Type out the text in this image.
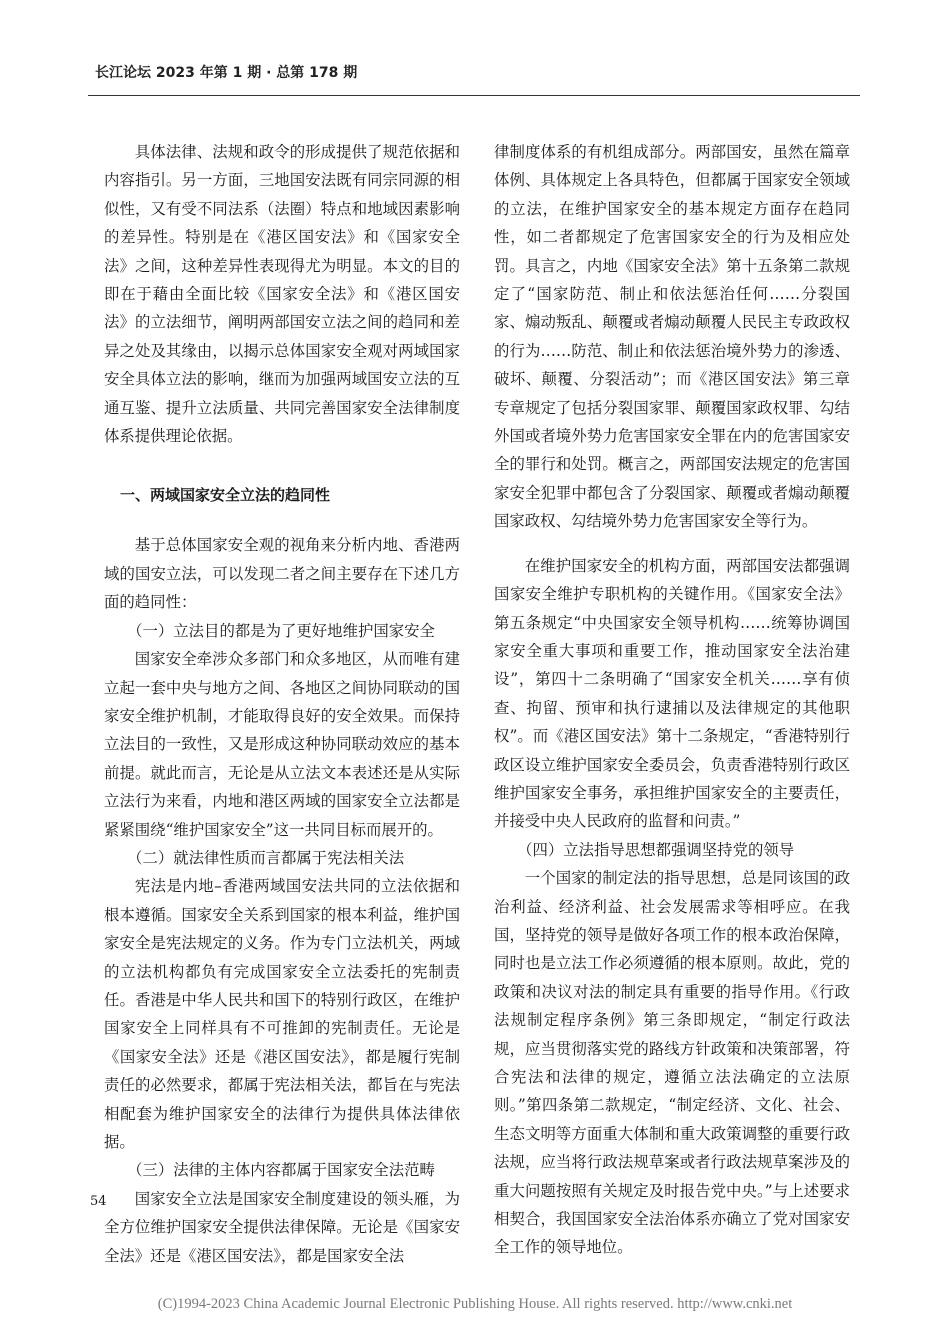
长江论坛 2023 年第 1 期 · 总第 178 期

具体法律、法规和政令的形成提供了规范依据和内容指引。另一方面，三地国安法既有同宗同源的相似性，又有受不同法系（法圈）特点和地域因素影响的差异性。特别是在《港区国安法》和《国家安全法》之间，这种差异性表现得尤为明显。本文的目的即在于藉由全面比较《国家安全法》和《港区国安法》的立法细节，阐明两部国安立法之间的趋同和差异之处及其缘由，以揭示总体国家安全观对两域国家安全具体立法的影响，继而为加强两域国安立法的互通互鉴、提升立法质量、共同完善国家安全法律制度体系提供理论依据。

一、两域国家安全立法的趋同性

基于总体国家安全观的视角来分析内地、香港两域的国安立法，可以发现二者之间主要存在下述几方面的趋同性：

（一）立法目的都是为了更好地维护国家安全

国家安全牵涉众多部门和众多地区，从而唯有建立起一套中央与地方之间、各地区之间协同联动的国家安全维护机制，才能取得良好的安全效果。而保持立法目的一致性，又是形成这种协同联动效应的基本前提。就此而言，无论是从立法文本表述还是从实际立法行为来看，内地和港区两域的国家安全立法都是紧紧围绕“维护国家安全”这一共同目标而展开的。

（二）就法律性质而言都属于宪法相关法

宪法是内地–香港两域国安法共同的立法依据和根本遵循。国家安全关系到国家的根本利益，维护国家安全是宪法规定的义务。作为专门立法机关，两域的立法机构都负有完成国家安全立法委托的宪制责任。香港是中华人民共和国下的特别行政区，在维护国家安全上同样具有不可推卸的宪制责任。无论是《国家安全法》还是《港区国安法》，都是履行宪制责任的必然要求，都属于宪法相关法，都旨在与宪法相配套为维护国家安全的法律行为提供具体法律依据。

（三）法律的主体内容都属于国家安全法范畴

国家安全立法是国家安全制度建设的领头雁，为全方位维护国家安全提供法律保障。无论是《国家安全法》还是《港区国安法》，都是国家安全法

律制度体系的有机组成部分。两部国安，虽然在篇章体例、具体规定上各具特色，但都属于国家安全领域的立法，在维护国家安全的基本规定方面存在趋同性，如二者都规定了危害国家安全的行为及相应处罚。具言之，内地《国家安全法》第十五条第二款规定了“国家防范、制止和依法惩治任何……分裂国家、煽动叛乱、颠覆或者煽动颠覆人民民主专政政权的行为……防范、制止和依法惩治境外势力的渗透、破坏、颠覆、分裂活动”；而《港区国安法》第三章专章规定了包括分裂国家罪、颠覆国家政权罪、勾结外国或者境外势力危害国家安全罪在内的危害国家安全的罪行和处罚。概言之，两部国安法规定的危害国家安全犯罪中都包含了分裂国家、颠覆或者煽动颠覆国家政权、勾结境外势力危害国家安全等行为。

在维护国家安全的机构方面，两部国安法都强调国家安全维护专职机构的关键作用。《国家安全法》第五条规定“中央国家安全领导机构……统筹协调国家安全重大事项和重要工作，推动国家安全法治建设”，第四十二条明确了“国家安全机关……享有侦查、拘留、预审和执行逮捕以及法律规定的其他职权”。而《港区国安法》第十二条规定，“香港特别行政区设立维护国家安全委员会，负责香港特别行政区维护国家安全事务，承担维护国家安全的主要责任，并接受中央人民政府的监督和问责。”

（四）立法指导思想都强调坚持党的领导

一个国家的制定法的指导思想，总是同该国的政治利益、经济利益、社会发展需求等相呼应。在我国，坚持党的领导是做好各项工作的根本政治保障，同时也是立法工作必须遵循的根本原则。故此，党的政策和决议对法的制定具有重要的指导作用。《行政法规制定程序条例》第三条即规定，“制定行政法规，应当贯彻落实党的路线方针政策和决策部署，符合宪法和法律的规定，遵循立法法确定的立法原则。”第四条第二款规定，“制定经济、文化、社会、生态文明等方面重大体制和重大政策调整的重要行政法规，应当将行政法规草案或者行政法规草案涉及的重大问题按照有关规定及时报告党中央。”与上述要求相契合，我国国家安全法治体系亦确立了党对国家安全工作的领导地位。

54
(C)1994-2023 China Academic Journal Electronic Publishing House. All rights reserved. http://www.cnki.net
